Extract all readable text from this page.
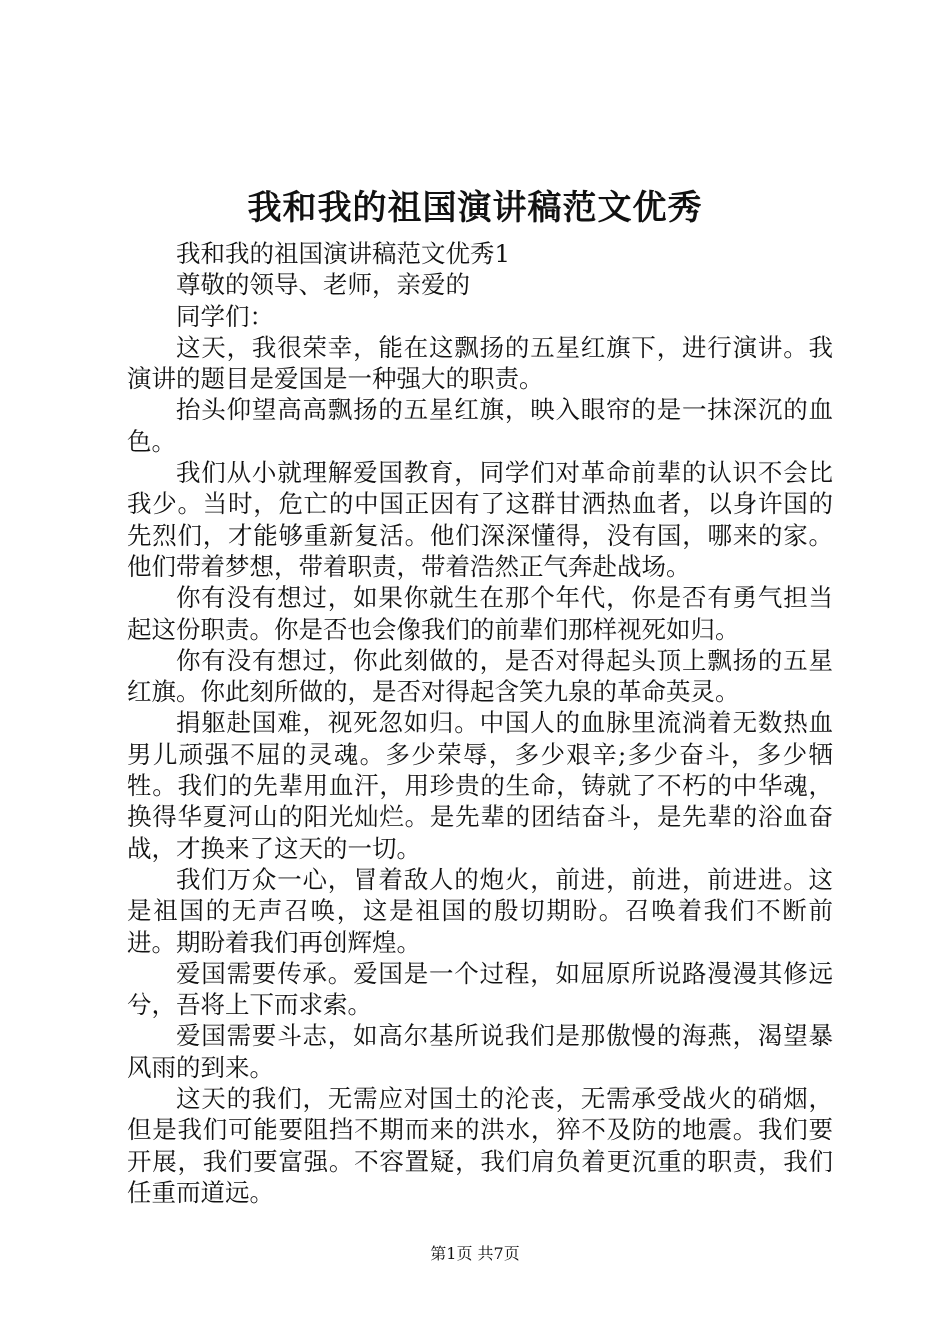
我和我的祖国演讲稿范文优秀

我和我的祖国演讲稿范文优秀1

尊敬的领导、老师，亲爱的

同学们：

这天，我很荣幸，能在这飘扬的五星红旗下，进行演讲。我演讲的题目是爱国是一种强大的职责。

抬头仰望高高飘扬的五星红旗，映入眼帘的是一抹深沉的血色。

我们从小就理解爱国教育，同学们对革命前辈的认识不会比我少。当时，危亡的中国正因有了这群甘洒热血者，以身许国的先烈们，才能够重新复活。他们深深懂得，没有国，哪来的家。他们带着梦想，带着职责，带着浩然正气奔赴战场。

你有没有想过，如果你就生在那个年代，你是否有勇气担当起这份职责。你是否也会像我们的前辈们那样视死如归。

你有没有想过，你此刻做的，是否对得起头顶上飘扬的五星红旗。你此刻所做的，是否对得起含笑九泉的革命英灵。

捐躯赴国难，视死忽如归。中国人的血脉里流淌着无数热血男儿顽强不屈的灵魂。多少荣辱，多少艰辛;多少奋斗，多少牺牲。我们的先辈用血汗，用珍贵的生命，铸就了不朽的中华魂，换得华夏河山的阳光灿烂。是先辈的团结奋斗，是先辈的浴血奋战，才换来了这天的一切。

我们万众一心，冒着敌人的炮火，前进，前进，前进进。这是祖国的无声召唤，这是祖国的殷切期盼。召唤着我们不断前进。期盼着我们再创辉煌。

爱国需要传承。爱国是一个过程，如屈原所说路漫漫其修远兮，吾将上下而求索。

爱国需要斗志，如高尔基所说我们是那傲慢的海燕，渴望暴风雨的到来。

这天的我们，无需应对国土的沦丧，无需承受战火的硝烟，但是我们可能要阻挡不期而来的洪水，猝不及防的地震。我们要开展，我们要富强。不容置疑，我们肩负着更沉重的职责，我们任重而道远。

第1页 共7页
